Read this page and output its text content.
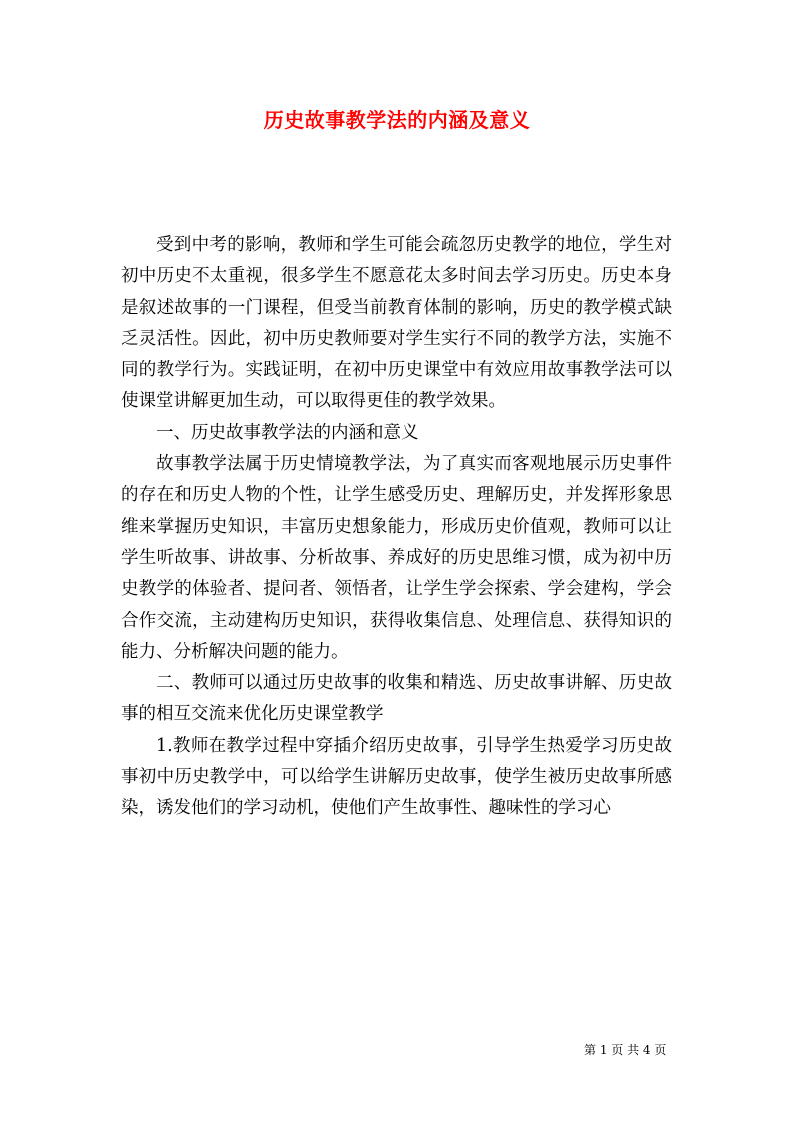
历史故事教学法的内涵及意义

受到中考的影响，教师和学生可能会疏忽历史教学的地位，学生对初中历史不太重视，很多学生不愿意花太多时间去学习历史。历史本身是叙述故事的一门课程，但受当前教育体制的影响，历史的教学模式缺乏灵活性。因此，初中历史教师要对学生实行不同的教学方法，实施不同的教学行为。实践证明，在初中历史课堂中有效应用故事教学法可以使课堂讲解更加生动，可以取得更佳的教学效果。

一、历史故事教学法的内涵和意义

故事教学法属于历史情境教学法，为了真实而客观地展示历史事件的存在和历史人物的个性，让学生感受历史、理解历史，并发挥形象思维来掌握历史知识，丰富历史想象能力，形成历史价值观，教师可以让学生听故事、讲故事、分析故事、养成好的历史思维习惯，成为初中历史教学的体验者、提问者、领悟者，让学生学会探索、学会建构，学会合作交流，主动建构历史知识，获得收集信息、处理信息、获得知识的能力、分析解决问题的能力。

二、教师可以通过历史故事的收集和精选、历史故事讲解、历史故事的相互交流来优化历史课堂教学

1.教师在教学过程中穿插介绍历史故事，引导学生热爱学习历史故事初中历史教学中，可以给学生讲解历史故事，使学生被历史故事所感染，诱发他们的学习动机，使他们产生故事性、趣味性的学习心

第 1 页 共 4 页
